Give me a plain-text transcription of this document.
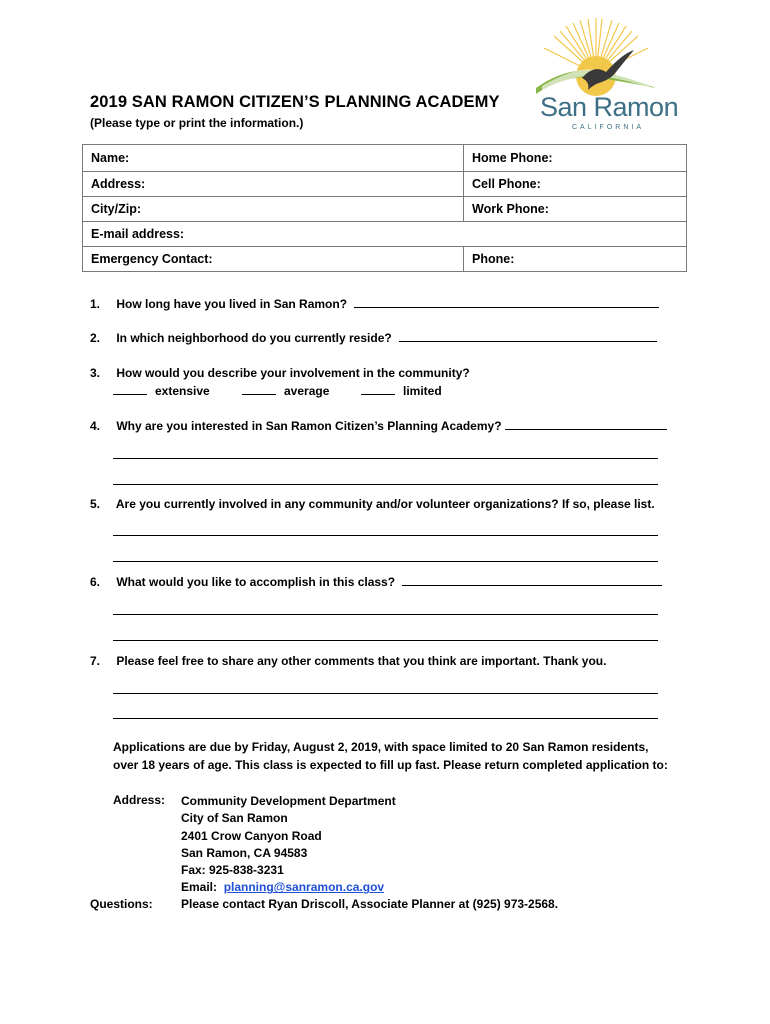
2019 SAN RAMON CITIZEN’S PLANNING ACADEMY
(Please type or print the information.)
San Ramon
CALIFORNIA
Name:	Home Phone:
Address:	Cell Phone:
City/Zip:	Work Phone:
E-mail address:	
Emergency Contact:	Phone:
1. How long have you lived in San Ramon?
2. In which neighborhood do you currently reside?
3. How would you describe your involvement in the community?
extensive	average	limited
4. Why are you interested in San Ramon Citizen’s Planning Academy?
5. Are you currently involved in any community and/or volunteer organizations? If so, please list.
6. What would you like to accomplish in this class?
7. Please feel free to share any other comments that you think are important. Thank you.
Applications are due by Friday, August 2, 2019, with space limited to 20 San Ramon residents,
over 18 years of age. This class is expected to fill up fast. Please return completed application to:
Address: Community Development Department
City of San Ramon
2401 Crow Canyon Road
San Ramon, CA 94583
Fax: 925-838-3231
Email: planning@sanramon.ca.gov
Questions: Please contact Ryan Driscoll, Associate Planner at (925) 973-2568.
